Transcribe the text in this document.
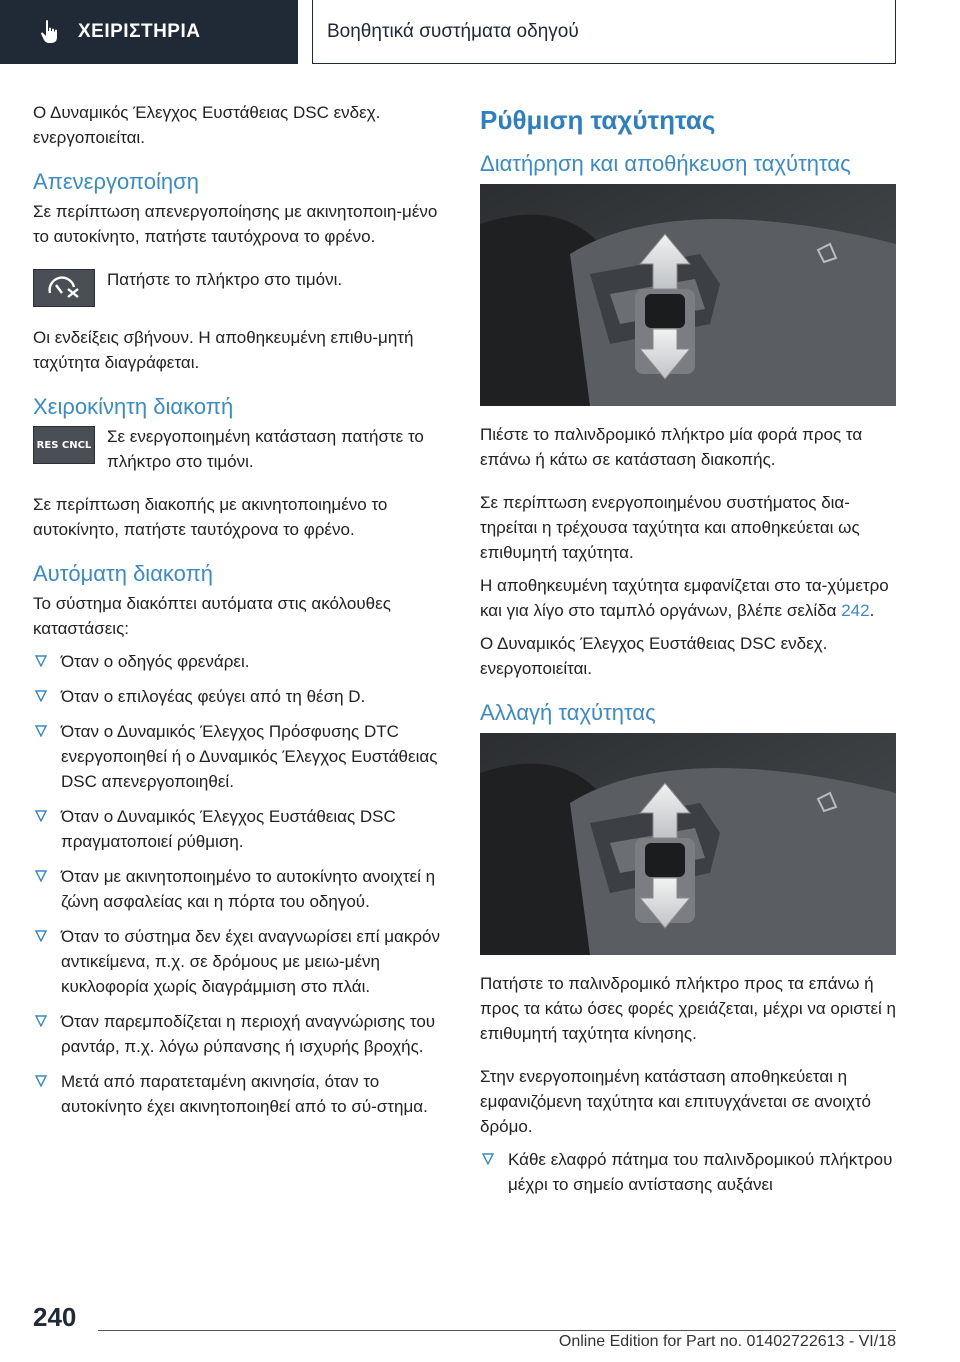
ΧΕΙΡΙΣΤΗΡΙΑ	Βοηθητικά συστήματα οδηγού

Ο Δυναμικός Έλεγχος Ευστάθειας DSC ενδεχ. ενεργοποιείται.

Απενεργοποίηση

Σε περίπτωση απενεργοποίησης με ακινητοποιη-μένο το αυτοκίνητο, πατήστε ταυτόχρονα το φρένο.

Πατήστε το πλήκτρο στο τιμόνι.

Οι ενδείξεις σβήνουν. Η αποθηκευμένη επιθυ-μητή ταχύτητα διαγράφεται.

Χειροκίνητη διακοπή
RES CNCL Σε ενεργοποιημένη κατάσταση πατήστε το πλήκτρο στο τιμόνι.

Σε περίπτωση διακοπής με ακινητοποιημένο το αυτοκίνητο, πατήστε ταυτόχρονα το φρένο.

Αυτόματη διακοπή

Το σύστημα διακόπτει αυτόματα στις ακόλουθες καταστάσεις:

Όταν ο οδηγός φρενάρει.
Όταν ο επιλογέας φεύγει από τη θέση D.
Όταν ο Δυναμικός Έλεγχος Πρόσφυσης DTC ενεργοποιηθεί ή ο Δυναμικός Έλεγχος Ευστάθειας DSC απενεργοποιηθεί.
Όταν ο Δυναμικός Έλεγχος Ευστάθειας DSC πραγματοποιεί ρύθμιση.
Όταν με ακινητοποιημένο το αυτοκίνητο ανοιχτεί η ζώνη ασφαλείας και η πόρτα του οδηγού.
Όταν το σύστημα δεν έχει αναγνωρίσει επί μακρόν αντικείμενα, π.χ. σε δρόμους με μειω-μένη κυκλοφορία χωρίς διαγράμμιση στο πλάι.
Όταν παρεμποδίζεται η περιοχή αναγνώρισης του ραντάρ, π.χ. λόγω ρύπανσης ή ισχυρής βροχής.
Μετά από παρατεταμένη ακινησία, όταν το αυτοκίνητο έχει ακινητοποιηθεί από το σύ-στημα.
Ρύθμιση ταχύτητας
Διατήρηση και αποθήκευση ταχύτητας

Πιέστε το παλινδρομικό πλήκτρο μία φορά προς τα επάνω ή κάτω σε κατάσταση διακοπής.

Σε περίπτωση ενεργοποιημένου συστήματος δια-τηρείται η τρέχουσα ταχύτητα και αποθηκεύεται ως επιθυμητή ταχύτητα.

Η αποθηκευμένη ταχύτητα εμφανίζεται στο τα-χύμετρο και για λίγο στο ταμπλό οργάνων, βλέπε σελίδα 242.

Ο Δυναμικός Έλεγχος Ευστάθειας DSC ενδεχ. ενεργοποιείται.

Αλλαγή ταχύτητας

Πατήστε το παλινδρομικό πλήκτρο προς τα επάνω ή προς τα κάτω όσες φορές χρειάζεται, μέχρι να οριστεί η επιθυμητή ταχύτητα κίνησης.

Στην ενεργοποιημένη κατάσταση αποθηκεύεται η εμφανιζόμενη ταχύτητα και επιτυγχάνεται σε ανοιχτό δρόμο.

Κάθε ελαφρό πάτημα του παλινδρομικού πλήκτρου μέχρι το σημείο αντίστασης αυξάνει
240
Online Edition for Part no. 01402722613 - VI/18
